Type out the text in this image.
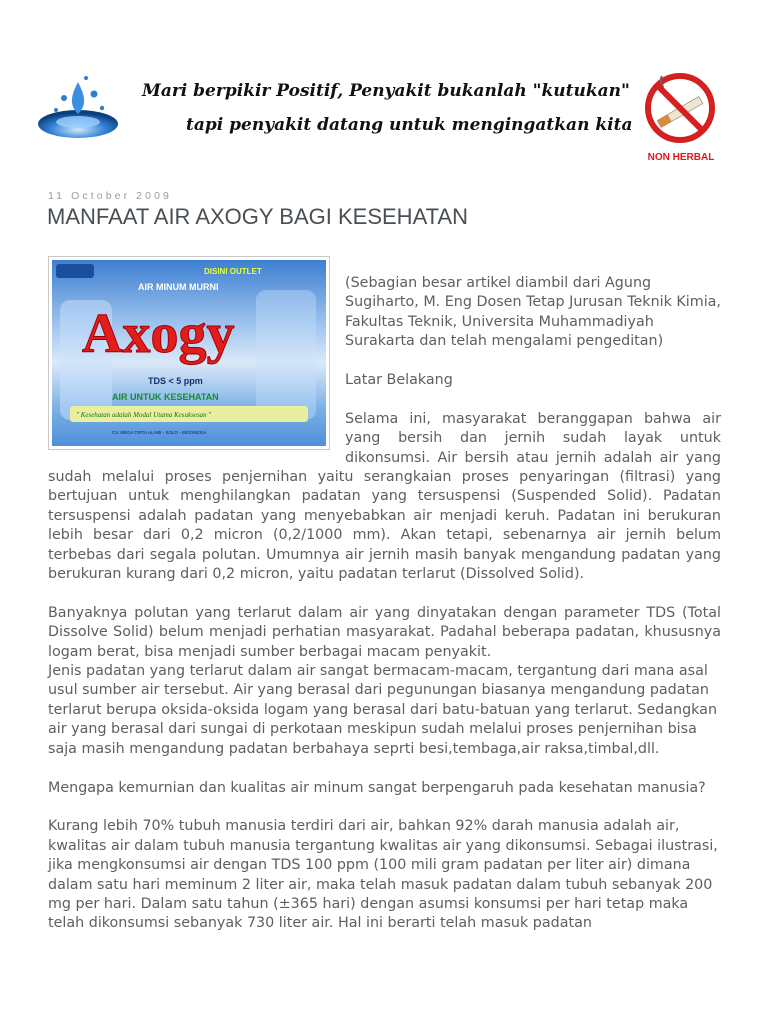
Mari berpikir Positif, Penyakit bukanlah "kutukan"
tapi penyakit datang untuk mengingatkan kita
NON HERBAL
11 October 2009
MANFAAT AIR AXOGY BAGI KESEHATAN
DISINI OUTLET
AIR MINUM MURNI
Axogy
TDS < 5 ppm
AIR UNTUK KESEHATAN
" Kesehatan adalah Modal Utama Kesuksesan "
CV. MEGA TIRTA ALAMI - SOLO - INDONESIA

(Sebagian besar artikel diambil dari Agung Sugiharto, M. Eng Dosen Tetap Jurusan Teknik Kimia, Fakultas Teknik, Universita Muhammadiyah Surakarta dan telah mengalami pengeditan)

Latar Belakang

Selama ini, masyarakat beranggapan bahwa air yang bersih dan jernih sudah layak untuk dikonsumsi. Air bersih atau jernih adalah air yang sudah melalui proses penjernihan yaitu serangkaian proses penyaringan (filtrasi) yang bertujuan untuk menghilangkan padatan yang tersuspensi (Suspended Solid). Padatan tersuspensi adalah padatan yang menyebabkan air menjadi keruh. Padatan ini berukuran lebih besar dari 0,2 micron (0,2/1000 mm). Akan tetapi, sebenarnya air jernih belum terbebas dari segala polutan. Umumnya air jernih masih banyak mengandung padatan yang berukuran kurang dari 0,2 micron, yaitu padatan terlarut (Dissolved Solid).

Banyaknya polutan yang terlarut dalam air yang dinyatakan dengan parameter TDS (Total Dissolve Solid) belum menjadi perhatian masyarakat. Padahal beberapa padatan, khususnya logam berat, bisa menjadi sumber berbagai macam penyakit.

Jenis padatan yang terlarut dalam air sangat bermacam-macam, tergantung dari mana asal usul sumber air tersebut. Air yang berasal dari pegunungan biasanya mengandung padatan terlarut berupa oksida-oksida logam yang berasal dari batu-batuan yang terlarut. Sedangkan air yang berasal dari sungai di perkotaan meskipun sudah melalui proses penjernihan bisa saja masih mengandung padatan berbahaya seprti besi,tembaga,air raksa,timbal,dll.

Mengapa kemurnian dan kualitas air minum sangat berpengaruh pada kesehatan manusia?

Kurang lebih 70% tubuh manusia terdiri dari air, bahkan 92% darah manusia adalah air, kwalitas air dalam tubuh manusia tergantung kwalitas air yang dikonsumsi. Sebagai ilustrasi, jika mengkonsumsi air dengan TDS 100 ppm (100 mili gram padatan per liter air) dimana dalam satu hari meminum 2 liter air, maka telah masuk padatan dalam tubuh sebanyak 200 mg per hari. Dalam satu tahun (±365 hari) dengan asumsi konsumsi per hari tetap maka telah dikonsumsi sebanyak 730 liter air. Hal ini berarti telah masuk padatan
